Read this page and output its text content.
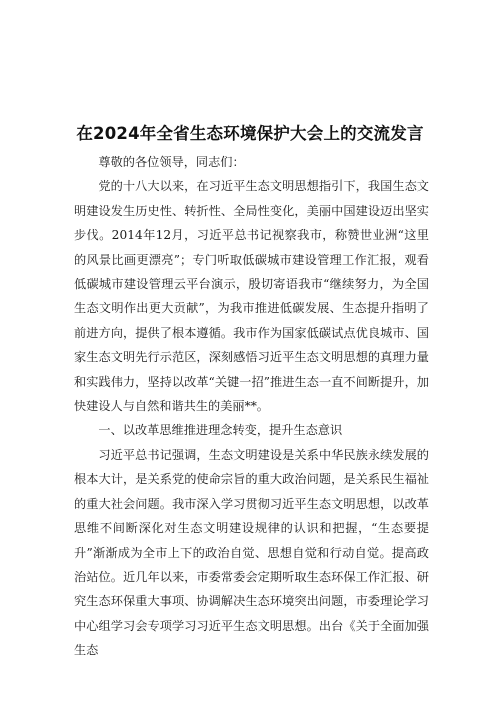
在2024年全省生态环境保护大会上的交流发言

尊敬的各位领导，同志们：

党的十八大以来，在习近平生态文明思想指引下，我国生态文明建设发生历史性、转折性、全局性变化，美丽中国建设迈出坚实步伐。2014年12月，习近平总书记视察我市，称赞世业洲“这里的风景比画更漂亮”；专门听取低碳城市建设管理工作汇报，观看低碳城市建设管理云平台演示，殷切寄语我市“继续努力，为全国生态文明作出更大贡献”，为我市推进低碳发展、生态提升指明了前进方向，提供了根本遵循。我市作为国家低碳试点优良城市、国家生态文明先行示范区，深刻感悟习近平生态文明思想的真理力量和实践伟力，坚持以改革“关键一招”推进生态一直不间断提升，加快建设人与自然和谐共生的美丽**。

一、以改革思维推进理念转变，提升生态意识

习近平总书记强调，生态文明建设是关系中华民族永续发展的根本大计，是关系党的使命宗旨的重大政治问题，是关系民生福祉的重大社会问题。我市深入学习贯彻习近平生态文明思想，以改革思维不间断深化对生态文明建设规律的认识和把握，“生态要提升”渐渐成为全市上下的政治自觉、思想自觉和行动自觉。提高政治站位。近几年以来，市委常委会定期听取生态环保工作汇报、研究生态环保重大事项、协调解决生态环境突出问题，市委理论学习中心组学习会专项学习习近平生态文明思想。出台《关于全面加强生态
